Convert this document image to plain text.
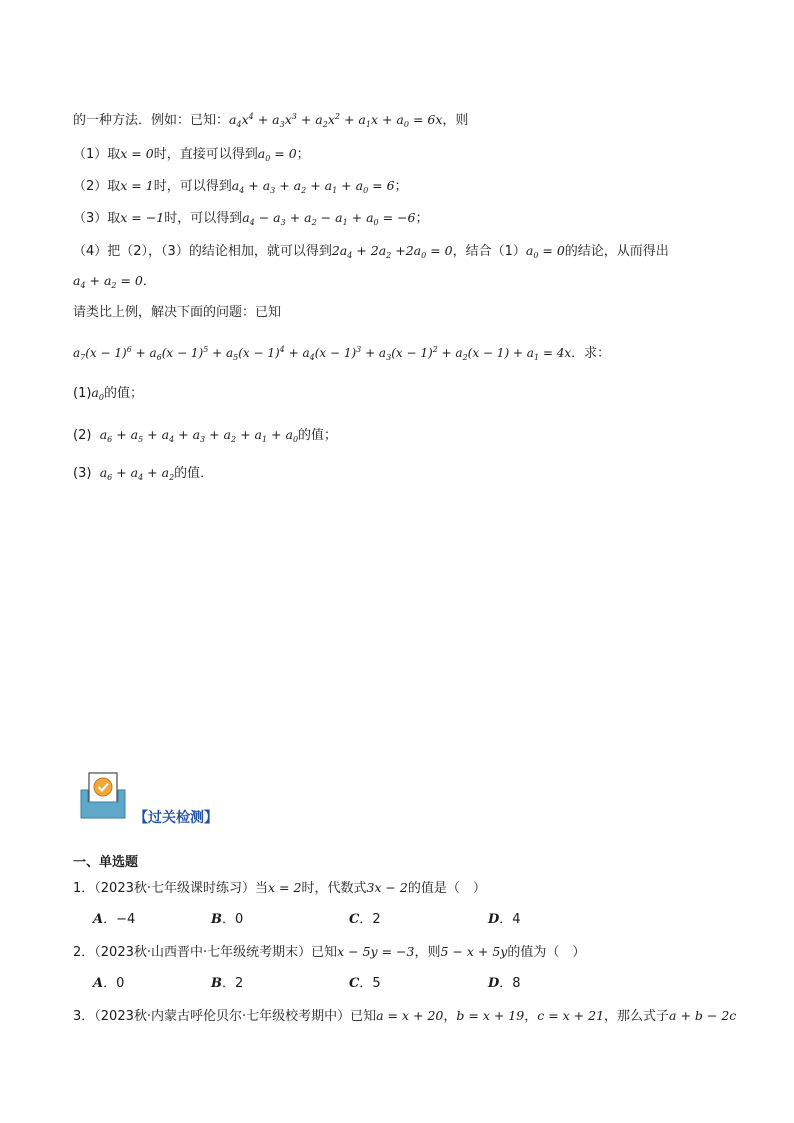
的一种方法．例如：已知：$a_4x^4 + a_3x^3 + a_2x^2 + a_1x + a_0 = 6x$，则
（1）取x = 0时，直接可以得到$a_0 = 0$；
（2）取x = 1时，可以得到$a_4 + a_3 + a_2 + a_1 + a_0 = 6$；
（3）取x = −1时，可以得到$a_4 - a_3 + a_2 - a_1 + a_0 = -6$；
（4）把（2），（3）的结论相加，就可以得到$2a_4 + 2a_2 +2a_0 = 0$，结合$(1)a_0 = 0$的结论，从而得出
$a_4 + a_2 = 0$．
请类比上例，解决下面的问题：已知
$a_7(x - 1)^6 + a_6(x - 1)^5 + a_5(x - 1)^4 + a_4(x - 1)^3 + a_3(x - 1)^2 + a_2(x - 1) + a_1 = 4x$．求：
$(1)a_0$的值；
(2) $a_6 + a_5 + a_4 + a_3 + a_2 + a_1 + a_0$的值；
(3) $a_6 + a_4 + a_2$的值．
【过关检测】
一、单选题
1．（2023秋·七年级课时练习）当x = 2时，代数式3x − 2的值是（　）
A．−4	B．0	C．2	D．4
2．（2023秋·山西晋中·七年级统考期末）已知x − 5y = −3，则5 − x + 5y的值为（　）
A．0	B．2	C．5	D．8
3．（2023秋·内蒙古呼伦贝尔·七年级校考期中）已知a = x + 20，b = x + 19，c = x + 21，那么式子a + b − 2c
